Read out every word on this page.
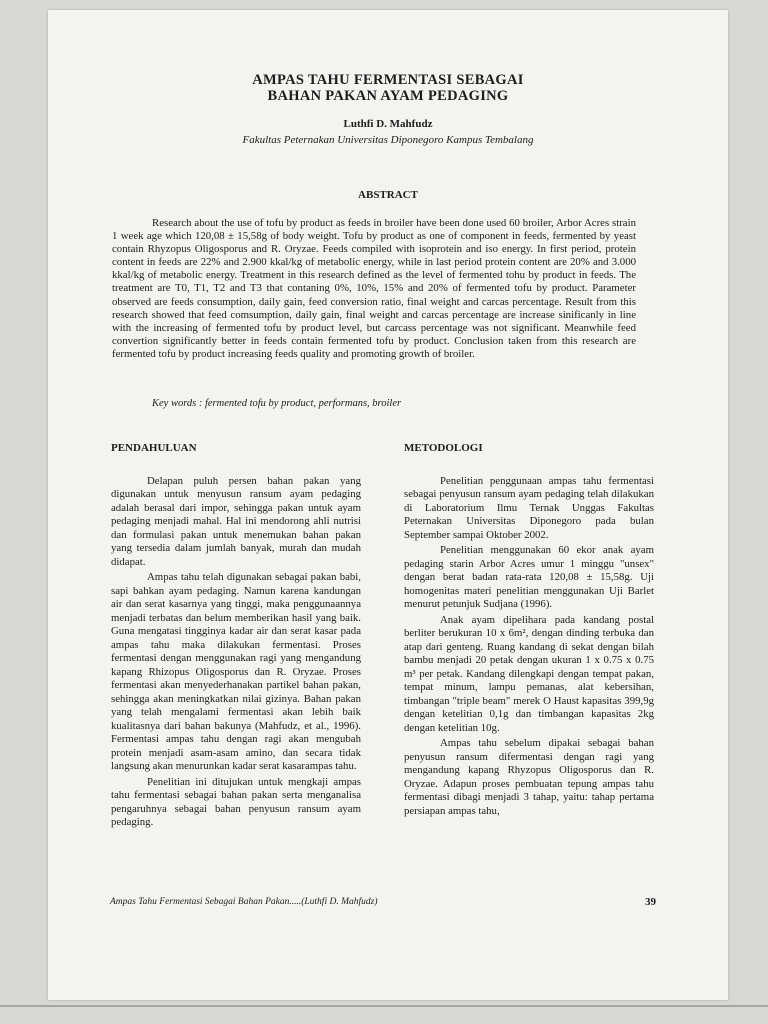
AMPAS TAHU FERMENTASI SEBAGAI
BAHAN PAKAN AYAM PEDAGING
Luthfi D. Mahfudz
Fakultas Peternakan Universitas Diponegoro Kampus Tembalang
ABSTRACT
Research about the use of tofu by product as feeds in broiler have been done used 60 broiler, Arbor Acres strain 1 week age which 120,08 ± 15,58g of body weight. Tofu by product as one of component in feeds, fermented by yeast contain Rhyzopus Oligosporus and R. Oryzae. Feeds compiled with isoprotein and iso energy. In first period, protein content in feeds are 22% and 2.900 kkal/kg of metabolic energy, while in last period protein content are 20% and 3.000 kkal/kg of metabolic energy. Treatment in this research defined as the level of fermented tohu by product in feeds. The treatment are T0, T1, T2 and T3 that contaning 0%, 10%, 15% and 20% of fermented tofu by product. Parameter observed are feeds consumption, daily gain, feed conversion ratio, final weight and carcas percentage. Result from this research showed that feed comsumption, daily gain, final weight and carcas percentage are increase sinificanly in line with the increasing of fermented tofu by product level, but carcass percentage was not significant. Meanwhile feed convertion significantly better in feeds contain fermented tofu by product. Conclusion taken from this research are fermented tofu by product increasing feeds quality and promoting growth of broiler.
Key words : fermented tofu by product, performans, broiler
PENDAHULUAN

Delapan puluh persen bahan pakan yang digunakan untuk menyusun ransum ayam pedaging adalah berasal dari impor, sehingga pakan untuk ayam pedaging menjadi mahal. Hal ini mendorong ahli nutrisi dan formulasi pakan untuk menemukan bahan pakan yang tersedia dalam jumlah banyak, murah dan mudah didapat.

Ampas tahu telah digunakan sebagai pakan babi, sapi bahkan ayam pedaging. Namun karena kandungan air dan serat kasarnya yang tinggi, maka penggunaannya menjadi terbatas dan belum memberikan hasil yang baik. Guna mengatasi tingginya kadar air dan serat kasar pada ampas tahu maka dilakukan fermentasi. Proses fermentasi dengan menggunakan ragi yang mengandung kapang Rhizopus Oligosporus dan R. Oryzae. Proses fermentasi akan menyederhanakan partikel bahan pakan, sehingga akan meningkatkan nilai gizinya. Bahan pakan yang telah mengalami fermentasi akan lebih baik kualitasnya dari bahan bakunya (Mahfudz, et al., 1996). Fermentasi ampas tahu dengan ragi akan mengubah protein menjadi asam-asam amino, dan secara tidak langsung akan menurunkan kadar serat kasarampas tahu.

Penelitian ini ditujukan untuk mengkaji ampas tahu fermentasi sebagai bahan pakan serta menganalisa pengaruhnya sebagai bahan penyusun ransum ayam pedaging.

METODOLOGI

Penelitian penggunaan ampas tahu fermentasi sebagai penyusun ransum ayam pedaging telah dilakukan di Laboratorium Ilmu Ternak Unggas Fakultas Peternakan Universitas Diponegoro pada bulan September sampai Oktober 2002.

Penelitian menggunakan 60 ekor anak ayam pedaging starin Arbor Acres umur 1 minggu "unsex" dengan berat badan rata-rata 120,08 ± 15,58g. Uji homogenitas materi penelitian menggunakan Uji Barlet menurut petunjuk Sudjana (1996).

Anak ayam dipelihara pada kandang postal berliter berukuran 10 x 6m², dengan dinding terbuka dan atap dari genteng. Ruang kandang di sekat dengan bilah bambu menjadi 20 petak dengan ukuran 1 x 0.75 x 0.75 m³ per petak. Kandang dilengkapi dengan tempat pakan, tempat minum, lampu pemanas, alat kebersihan, timbangan "triple beam" merek O Haust kapasitas 399,9g dengan ketelitian 0,1g dan timbangan kapasitas 2kg dengan ketelitian 10g.

Ampas tahu sebelum dipakai sebagai bahan penyusun ransum difermentasi dengan ragi yang mengandung kapang Rhyzopus Oligosporus dan R. Oryzae. Adapun proses pembuatan tepung ampas tahu fermentasi dibagi menjadi 3 tahap, yaitu: tahap pertama persiapan ampas tahu,

Ampas Tahu Fermentasi Sebagai Bahan Pakan.....(Luthfi D. Mahfudz)	39
